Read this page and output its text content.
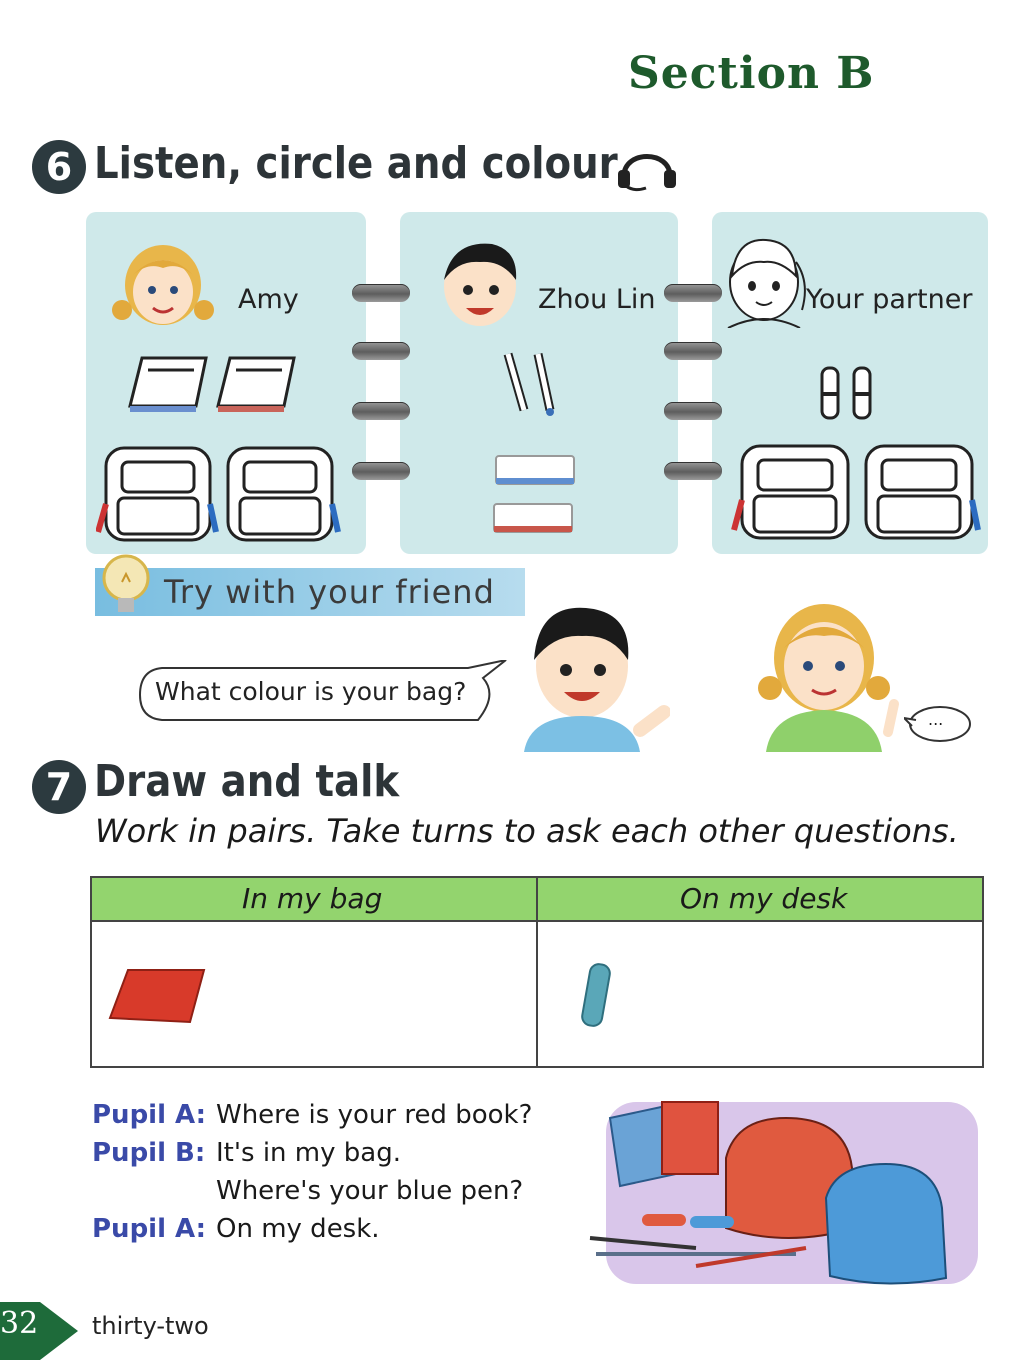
Section B
6 Listen, circle and colour
Amy	Zhou Lin	Your partner
Try with your friend
What colour is your bag?
...
7 Draw and talk
Work in pairs. Take turns to ask each other questions.
In my bag	On my desk
Pupil A: Where is your red book?
Pupil B: It's in my bag.
Where's your blue pen?
Pupil A: On my desk.
32 thirty-two
